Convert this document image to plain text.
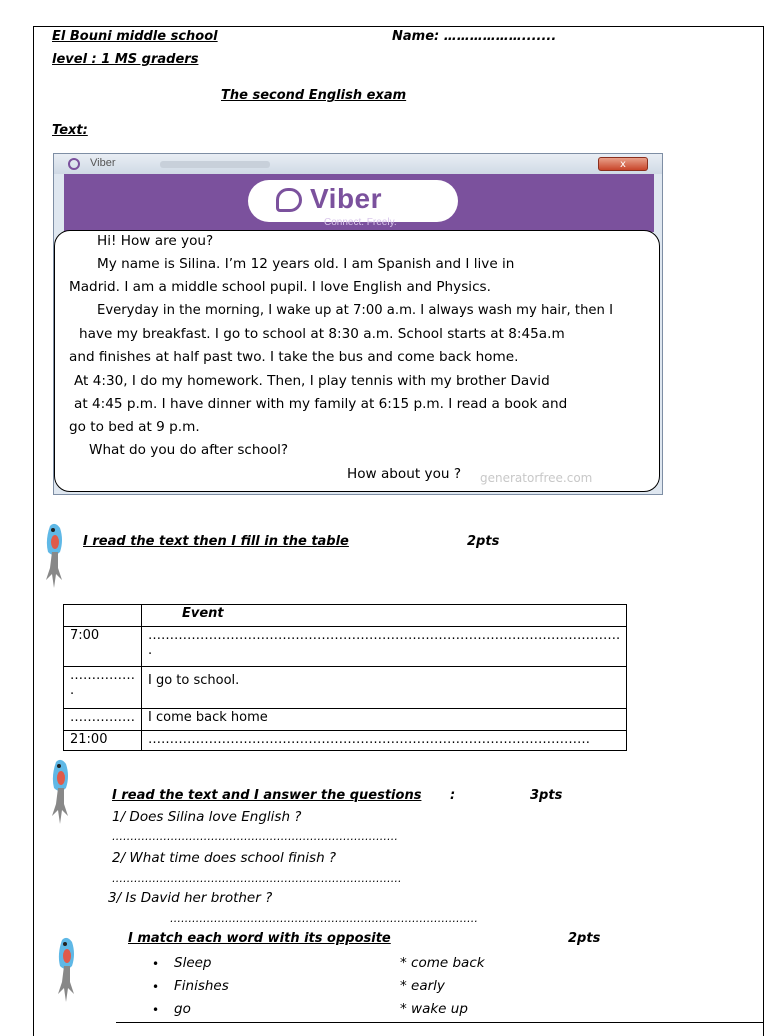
El Bouni middle school	Name: ……………….......
level : 1 MS graders
The second English exam
Text:
Viber	x
Viber
Connect. Freely.
Hi! How are you?
My name is Silina. I’m 12 years old. I am Spanish and I live in
Madrid. I am a middle school pupil. I love English and Physics.
Everyday in the morning, I wake up at 7:00 a.m. I always wash my hair, then I
have my breakfast. I go to school at 8:30 a.m. School starts at 8:45a.m
and finishes at half past two. I take the bus and come back home.
At 4:30, I do my homework. Then, I play tennis with my brother David
at 4:45 p.m. I have dinner with my family at 6:15 p.m. I read a book and
go to bed at 9 p.m.
What do you do after school?
generatorfree.com
How about you ?
I read the text then I fill in the table	2pts
	Event
7:00	……………………………………………………………………………………………….
.

……………
.	I go to school.
……………	I come back home
21:00	…………………………………………………………………………………………
I read the text and I answer the questions :	3pts
1/ Does Silina love English ?
……………………………………………………………………
2/ What time does school finish ?
…………………………………………………………………….
3/ Is David her brother ?
…………………………………………………………………………
I match each word with its opposite	2pts
• Sleep	* come back
• Finishes	* early
• go	* wake up
